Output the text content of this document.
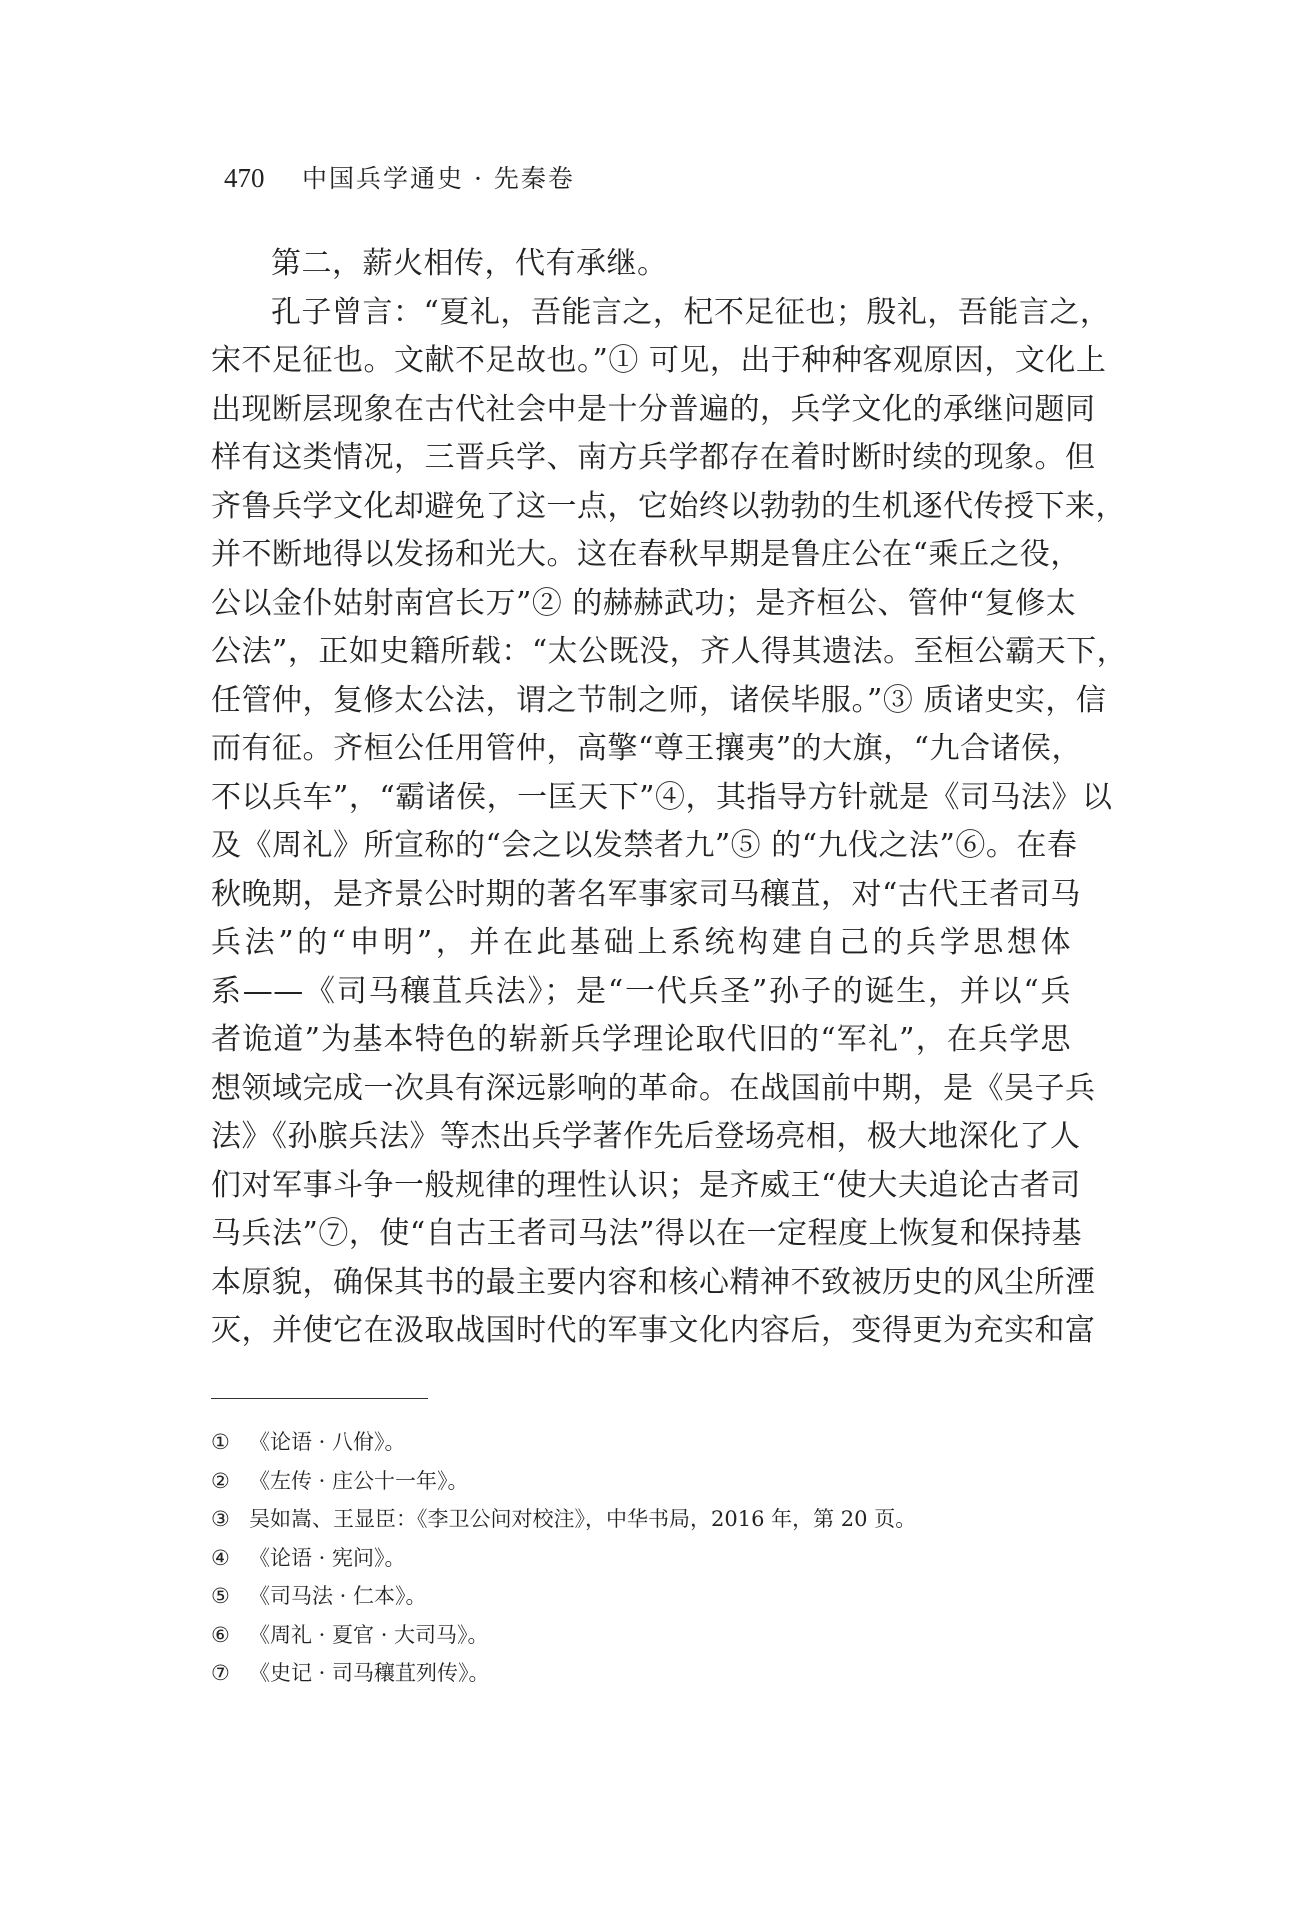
470 中国兵学通史 · 先秦卷
第二，薪火相传，代有承继。
孔子曾言：“夏礼，吾能言之，杞不足征也；殷礼，吾能言之，
宋不足征也。文献不足故也。”① 可见，出于种种客观原因，文化上
出现断层现象在古代社会中是十分普遍的，兵学文化的承继问题同
样有这类情况，三晋兵学、南方兵学都存在着时断时续的现象。但
齐鲁兵学文化却避免了这一点，它始终以勃勃的生机逐代传授下来，
并不断地得以发扬和光大。这在春秋早期是鲁庄公在“乘丘之役，
公以金仆姑射南宫长万”② 的赫赫武功；是齐桓公、管仲“复修太
公法”，正如史籍所载：“太公既没，齐人得其遗法。至桓公霸天下，
任管仲，复修太公法，谓之节制之师，诸侯毕服。”③ 质诸史实，信
而有征。齐桓公任用管仲，高擎“尊王攘夷”的大旗，“九合诸侯，
不以兵车”，“霸诸侯，一匡天下”④，其指导方针就是《司马法》以
及《周礼》所宣称的“会之以发禁者九”⑤ 的“九伐之法”⑥。在春
秋晚期，是齐景公时期的著名军事家司马穰苴，对“古代王者司马
兵法”的“申明”，并在此基础上系统构建自己的兵学思想体
系——《司马穰苴兵法》；是“一代兵圣”孙子的诞生，并以“兵
者诡道”为基本特色的崭新兵学理论取代旧的“军礼”，在兵学思
想领域完成一次具有深远影响的革命。在战国前中期，是《吴子兵
法》《孙膑兵法》等杰出兵学著作先后登场亮相，极大地深化了人
们对军事斗争一般规律的理性认识；是齐威王“使大夫追论古者司
马兵法”⑦，使“自古王者司马法”得以在一定程度上恢复和保持基
本原貌，确保其书的最主要内容和核心精神不致被历史的风尘所湮
灭，并使它在汲取战国时代的军事文化内容后，变得更为充实和富
① 《论语 · 八佾》。
② 《左传 · 庄公十一年》。
③ 吴如嵩、王显臣：《李卫公问对校注》，中华书局，2016 年，第 20 页。
④ 《论语 · 宪问》。
⑤ 《司马法 · 仁本》。
⑥ 《周礼 · 夏官 · 大司马》。
⑦ 《史记 · 司马穰苴列传》。
